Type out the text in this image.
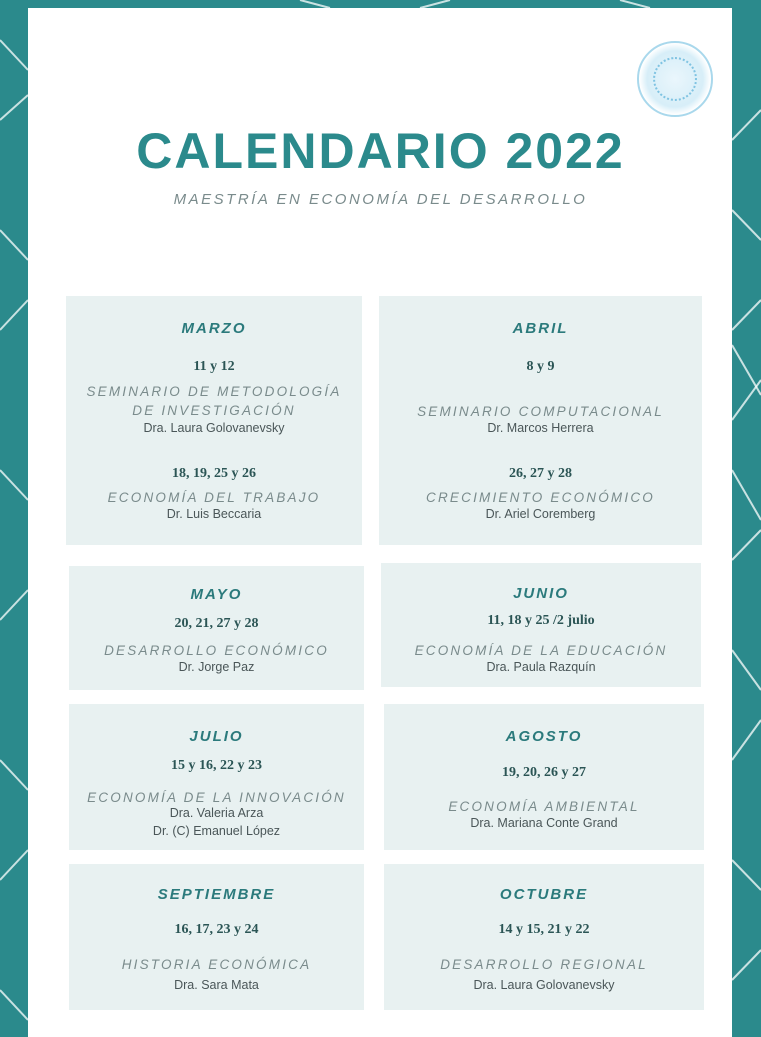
CALENDARIO 2022
MAESTRÍA EN ECONOMÍA DEL DESARROLLO
MARZO
11 y 12
SEMINARIO DE METODOLOGÍA
DE INVESTIGACIÓN
Dra. Laura Golovanevsky
18, 19, 25 y 26
ECONOMÍA DEL TRABAJO
Dr. Luis Beccaria
ABRIL
8 y 9
SEMINARIO COMPUTACIONAL
Dr. Marcos Herrera
26, 27 y 28
CRECIMIENTO ECONÓMICO
Dr. Ariel Coremberg
MAYO
20, 21, 27 y 28
DESARROLLO ECONÓMICO
Dr. Jorge Paz
JUNIO
11, 18 y 25 /2 julio
ECONOMÍA DE LA EDUCACIÓN
Dra. Paula Razquín
JULIO
15 y 16, 22 y 23
ECONOMÍA DE LA INNOVACIÓN
Dra. Valeria Arza
Dr. (C) Emanuel López
AGOSTO
19, 20, 26 y 27
ECONOMÍA AMBIENTAL
Dra. Mariana Conte Grand
SEPTIEMBRE
16, 17, 23 y 24
HISTORIA ECONÓMICA
Dra. Sara Mata
OCTUBRE
14 y 15, 21 y 22
DESARROLLO REGIONAL
Dra. Laura Golovanevsky
